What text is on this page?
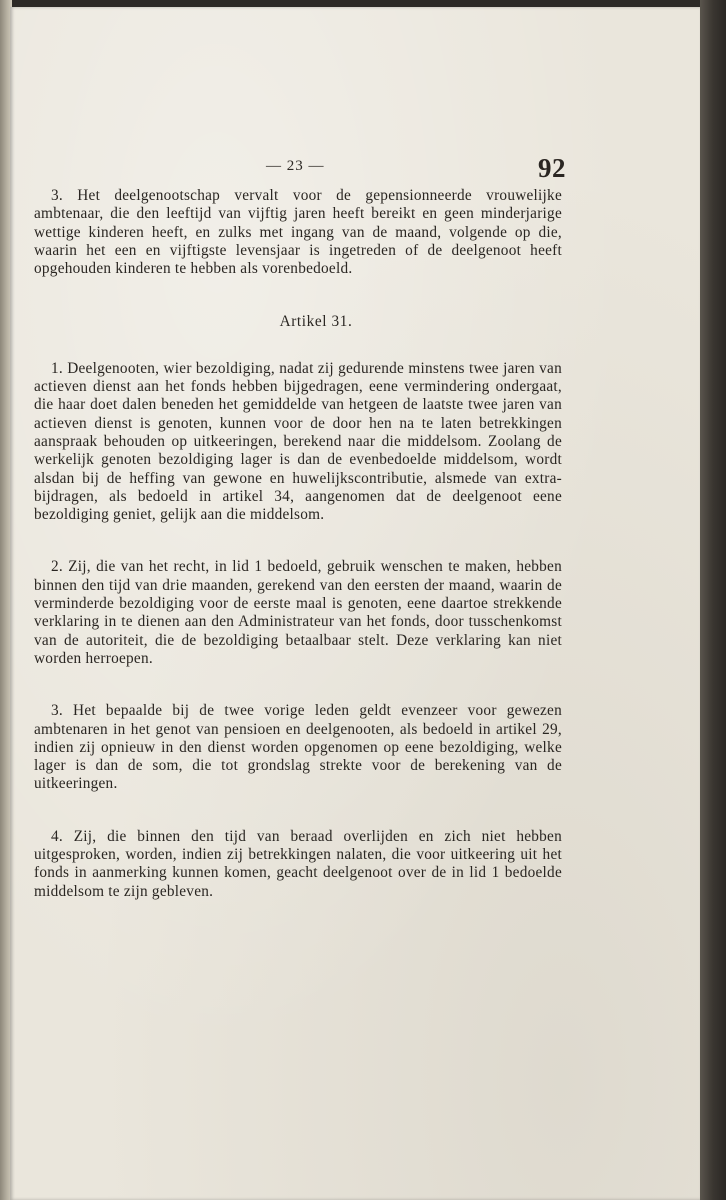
— 23 —	92

3. Het deelgenootschap vervalt voor de gepensionneerde vrouwelijke ambtenaar, die den leeftijd van vijftig jaren heeft bereikt en geen minderjarige wettige kinderen heeft, en zulks met ingang van de maand, volgende op die, waarin het een en vijftigste levensjaar is ingetreden of de deelgenoot heeft opgehouden kinderen te hebben als vorenbedoeld.

Artikel 31.

1. Deelgenooten, wier bezoldiging, nadat zij gedurende minstens twee jaren van actieven dienst aan het fonds hebben bijgedragen, eene vermindering ondergaat, die haar doet dalen beneden het gemiddelde van hetgeen de laatste twee jaren van actieven dienst is genoten, kunnen voor de door hen na te laten betrekkingen aanspraak behouden op uitkeeringen, berekend naar die middelsom. Zoolang de werkelijk genoten bezoldiging lager is dan de evenbedoelde middelsom, wordt alsdan bij de heffing van gewone en huwelijkscontributie, alsmede van extra-bijdragen, als bedoeld in artikel 34, aangenomen dat de deelgenoot eene bezoldiging geniet, gelijk aan die middelsom.

2. Zij, die van het recht, in lid 1 bedoeld, gebruik wenschen te maken, hebben binnen den tijd van drie maanden, gerekend van den eersten der maand, waarin de verminderde bezoldiging voor de eerste maal is genoten, eene daartoe strekkende verklaring in te dienen aan den Administrateur van het fonds, door tusschenkomst van de autoriteit, die de bezoldiging betaalbaar stelt. Deze verklaring kan niet worden herroepen.

3. Het bepaalde bij de twee vorige leden geldt evenzeer voor gewezen ambtenaren in het genot van pensioen en deelgenooten, als bedoeld in artikel 29, indien zij opnieuw in den dienst worden opgenomen op eene bezoldiging, welke lager is dan de som, die tot grondslag strekte voor de berekening van de uitkeeringen.

4. Zij, die binnen den tijd van beraad overlijden en zich niet hebben uitgesproken, worden, indien zij betrekkingen nalaten, die voor uitkeering uit het fonds in aanmerking kunnen komen, geacht deelgenoot over de in lid 1 bedoelde middelsom te zijn gebleven.
